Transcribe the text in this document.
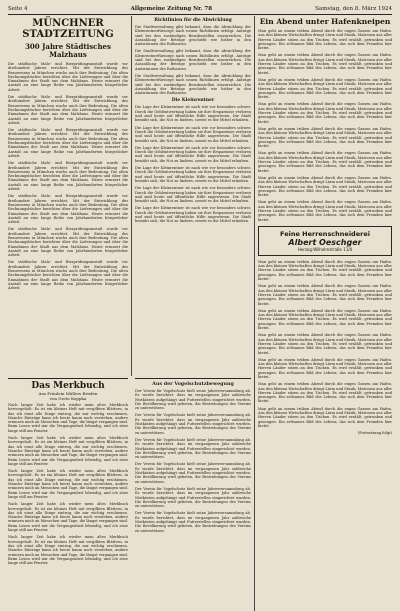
Seite 4	Allgemeine Zeitung Nr. 78	Samstag, den 8. März 1924
MÜNCHNER STADTZEITUNG
300 Jahre Städtisches Malzhaus

Die städtische Malz- und Bierprüfungsanstalt wurde vor dreihundert Jahren errichtet. Mit der Entwicklung des Brauwesens in München wuchs auch ihre Bedeutung. Die alten Rechnungsbücher berichten über die Lieferungen und über die Einnahmen der Stadt aus dem Malzhaus. Heute erinnert die Anstalt an eine lange Reihe von Jahrhunderten bürgerlicher Arbeit.

Die städtische Malz- und Bierprüfungsanstalt wurde vor dreihundert Jahren errichtet. Mit der Entwicklung des Brauwesens in München wuchs auch ihre Bedeutung. Die alten Rechnungsbücher berichten über die Lieferungen und über die Einnahmen der Stadt aus dem Malzhaus. Heute erinnert die Anstalt an eine lange Reihe von Jahrhunderten bürgerlicher Arbeit.

Die städtische Malz- und Bierprüfungsanstalt wurde vor dreihundert Jahren errichtet. Mit der Entwicklung des Brauwesens in München wuchs auch ihre Bedeutung. Die alten Rechnungsbücher berichten über die Lieferungen und über die Einnahmen der Stadt aus dem Malzhaus. Heute erinnert die Anstalt an eine lange Reihe von Jahrhunderten bürgerlicher Arbeit.

Die städtische Malz- und Bierprüfungsanstalt wurde vor dreihundert Jahren errichtet. Mit der Entwicklung des Brauwesens in München wuchs auch ihre Bedeutung. Die alten Rechnungsbücher berichten über die Lieferungen und über die Einnahmen der Stadt aus dem Malzhaus. Heute erinnert die Anstalt an eine lange Reihe von Jahrhunderten bürgerlicher Arbeit.

Die städtische Malz- und Bierprüfungsanstalt wurde vor dreihundert Jahren errichtet. Mit der Entwicklung des Brauwesens in München wuchs auch ihre Bedeutung. Die alten Rechnungsbücher berichten über die Lieferungen und über die Einnahmen der Stadt aus dem Malzhaus. Heute erinnert die Anstalt an eine lange Reihe von Jahrhunderten bürgerlicher Arbeit.

Die städtische Malz- und Bierprüfungsanstalt wurde vor dreihundert Jahren errichtet. Mit der Entwicklung des Brauwesens in München wuchs auch ihre Bedeutung. Die alten Rechnungsbücher berichten über die Lieferungen und über die Einnahmen der Stadt aus dem Malzhaus. Heute erinnert die Anstalt an eine lange Reihe von Jahrhunderten bürgerlicher Arbeit.

Die städtische Malz- und Bierprüfungsanstalt wurde vor dreihundert Jahren errichtet. Mit der Entwicklung des Brauwesens in München wuchs auch ihre Bedeutung. Die alten Rechnungsbücher berichten über die Lieferungen und über die Einnahmen der Stadt aus dem Malzhaus. Heute erinnert die Anstalt an eine lange Reihe von Jahrhunderten bürgerlicher Arbeit.

Richtlinien für die Abwicklung

Die Stadtverwaltung gibt bekannt, dass die Abwicklung der Kleinrentnerfürsorge nach neuen Richtlinien erfolgt. Anträge sind bei den zuständigen Bezirksstellen einzureichen. Die Auszahlung der Beträge geschieht wie bisher in den Amtsräumen des Rathauses.

Die Stadtverwaltung gibt bekannt, dass die Abwicklung der Kleinrentnerfürsorge nach neuen Richtlinien erfolgt. Anträge sind bei den zuständigen Bezirksstellen einzureichen. Die Auszahlung der Beträge geschieht wie bisher in den Amtsräumen des Rathauses.

Die Stadtverwaltung gibt bekannt, dass die Abwicklung der Kleinrentnerfürsorge nach neuen Richtlinien erfolgt. Anträge sind bei den zuständigen Bezirksstellen einzureichen. Die Auszahlung der Beträge geschieht wie bisher in den Amtsräumen des Rathauses.

Die Kleinrentner

Die Lage der Kleinrentner ist nach wie vor besonders schwer. Durch die Geldentwertung haben sie ihre Ersparnisse verloren und sind heute auf öffentliche Hilfe angewiesen. Die Stadt bemüht sich, die Not zu lindern, soweit es die Mittel erlauben.

Die Lage der Kleinrentner ist nach wie vor besonders schwer. Durch die Geldentwertung haben sie ihre Ersparnisse verloren und sind heute auf öffentliche Hilfe angewiesen. Die Stadt bemüht sich, die Not zu lindern, soweit es die Mittel erlauben.

Die Lage der Kleinrentner ist nach wie vor besonders schwer. Durch die Geldentwertung haben sie ihre Ersparnisse verloren und sind heute auf öffentliche Hilfe angewiesen. Die Stadt bemüht sich, die Not zu lindern, soweit es die Mittel erlauben.

Die Lage der Kleinrentner ist nach wie vor besonders schwer. Durch die Geldentwertung haben sie ihre Ersparnisse verloren und sind heute auf öffentliche Hilfe angewiesen. Die Stadt bemüht sich, die Not zu lindern, soweit es die Mittel erlauben.

Die Lage der Kleinrentner ist nach wie vor besonders schwer. Durch die Geldentwertung haben sie ihre Ersparnisse verloren und sind heute auf öffentliche Hilfe angewiesen. Die Stadt bemüht sich, die Not zu lindern, soweit es die Mittel erlauben.

Die Lage der Kleinrentner ist nach wie vor besonders schwer. Durch die Geldentwertung haben sie ihre Ersparnisse verloren und sind heute auf öffentliche Hilfe angewiesen. Die Stadt bemüht sich, die Not zu lindern, soweit es die Mittel erlauben.

Ein Abend unter Hafenkneipen

Man geht an einem trüben Abend durch die engen Gassen am Hafen. Aus den kleinen Wirtschaften dringt Lärm und Musik, Matrosen aus aller Herren Länder sitzen an den Tischen. Es wird erzählt, getrunken und gesungen. Ein seltsames Bild des Lebens, das sich dem Fremden hier bietet.

Man geht an einem trüben Abend durch die engen Gassen am Hafen. Aus den kleinen Wirtschaften dringt Lärm und Musik, Matrosen aus aller Herren Länder sitzen an den Tischen. Es wird erzählt, getrunken und gesungen. Ein seltsames Bild des Lebens, das sich dem Fremden hier bietet.

Man geht an einem trüben Abend durch die engen Gassen am Hafen. Aus den kleinen Wirtschaften dringt Lärm und Musik, Matrosen aus aller Herren Länder sitzen an den Tischen. Es wird erzählt, getrunken und gesungen. Ein seltsames Bild des Lebens, das sich dem Fremden hier bietet.

Man geht an einem trüben Abend durch die engen Gassen am Hafen. Aus den kleinen Wirtschaften dringt Lärm und Musik, Matrosen aus aller Herren Länder sitzen an den Tischen. Es wird erzählt, getrunken und gesungen. Ein seltsames Bild des Lebens, das sich dem Fremden hier bietet.

Man geht an einem trüben Abend durch die engen Gassen am Hafen. Aus den kleinen Wirtschaften dringt Lärm und Musik, Matrosen aus aller Herren Länder sitzen an den Tischen. Es wird erzählt, getrunken und gesungen. Ein seltsames Bild des Lebens, das sich dem Fremden hier bietet.

Man geht an einem trüben Abend durch die engen Gassen am Hafen. Aus den kleinen Wirtschaften dringt Lärm und Musik, Matrosen aus aller Herren Länder sitzen an den Tischen. Es wird erzählt, getrunken und gesungen. Ein seltsames Bild des Lebens, das sich dem Fremden hier bietet.

Man geht an einem trüben Abend durch die engen Gassen am Hafen. Aus den kleinen Wirtschaften dringt Lärm und Musik, Matrosen aus aller Herren Länder sitzen an den Tischen. Es wird erzählt, getrunken und gesungen. Ein seltsames Bild des Lebens, das sich dem Fremden hier bietet.

Man geht an einem trüben Abend durch die engen Gassen am Hafen. Aus den kleinen Wirtschaften dringt Lärm und Musik, Matrosen aus aller Herren Länder sitzen an den Tischen. Es wird erzählt, getrunken und gesungen. Ein seltsames Bild des Lebens, das sich dem Fremden hier bietet.

Feine Herrenschneiderei
Albert Oeschger
Herzog-Wilhelmstraße 11/0

Man geht an einem trüben Abend durch die engen Gassen am Hafen. Aus den kleinen Wirtschaften dringt Lärm und Musik, Matrosen aus aller Herren Länder sitzen an den Tischen. Es wird erzählt, getrunken und gesungen. Ein seltsames Bild des Lebens, das sich dem Fremden hier bietet.

Man geht an einem trüben Abend durch die engen Gassen am Hafen. Aus den kleinen Wirtschaften dringt Lärm und Musik, Matrosen aus aller Herren Länder sitzen an den Tischen. Es wird erzählt, getrunken und gesungen. Ein seltsames Bild des Lebens, das sich dem Fremden hier bietet.

Man geht an einem trüben Abend durch die engen Gassen am Hafen. Aus den kleinen Wirtschaften dringt Lärm und Musik, Matrosen aus aller Herren Länder sitzen an den Tischen. Es wird erzählt, getrunken und gesungen. Ein seltsames Bild des Lebens, das sich dem Fremden hier bietet.

Man geht an einem trüben Abend durch die engen Gassen am Hafen. Aus den kleinen Wirtschaften dringt Lärm und Musik, Matrosen aus aller Herren Länder sitzen an den Tischen. Es wird erzählt, getrunken und gesungen. Ein seltsames Bild des Lebens, das sich dem Fremden hier bietet.

Man geht an einem trüben Abend durch die engen Gassen am Hafen. Aus den kleinen Wirtschaften dringt Lärm und Musik, Matrosen aus aller Herren Länder sitzen an den Tischen. Es wird erzählt, getrunken und gesungen. Ein seltsames Bild des Lebens, das sich dem Fremden hier bietet.

Man geht an einem trüben Abend durch die engen Gassen am Hafen. Aus den kleinen Wirtschaften dringt Lärm und Musik, Matrosen aus aller Herren Länder sitzen an den Tischen. Es wird erzählt, getrunken und gesungen. Ein seltsames Bild des Lebens, das sich dem Fremden hier bietet.

Man geht an einem trüben Abend durch die engen Gassen am Hafen. Aus den kleinen Wirtschaften dringt Lärm und Musik, Matrosen aus aller Herren Länder sitzen an den Tischen. Es wird erzählt, getrunken und gesungen. Ein seltsames Bild des Lebens, das sich dem Fremden hier bietet.

(Fortsetzung folgt)

Aus der Vogelschutzbewegung

Der Verein für Vogelschutz hielt seine Jahresversammlung ab. Es wurde berichtet, dass im vergangenen Jahr zahlreiche Nistkästen aufgehängt und Futterstellen eingerichtet wurden. Die Bevölkerung wird gebeten, die Bestrebungen des Vereins zu unterstützen.

Der Verein für Vogelschutz hielt seine Jahresversammlung ab. Es wurde berichtet, dass im vergangenen Jahr zahlreiche Nistkästen aufgehängt und Futterstellen eingerichtet wurden. Die Bevölkerung wird gebeten, die Bestrebungen des Vereins zu unterstützen.

Der Verein für Vogelschutz hielt seine Jahresversammlung ab. Es wurde berichtet, dass im vergangenen Jahr zahlreiche Nistkästen aufgehängt und Futterstellen eingerichtet wurden. Die Bevölkerung wird gebeten, die Bestrebungen des Vereins zu unterstützen.

Der Verein für Vogelschutz hielt seine Jahresversammlung ab. Es wurde berichtet, dass im vergangenen Jahr zahlreiche Nistkästen aufgehängt und Futterstellen eingerichtet wurden. Die Bevölkerung wird gebeten, die Bestrebungen des Vereins zu unterstützen.

Der Verein für Vogelschutz hielt seine Jahresversammlung ab. Es wurde berichtet, dass im vergangenen Jahr zahlreiche Nistkästen aufgehängt und Futterstellen eingerichtet wurden. Die Bevölkerung wird gebeten, die Bestrebungen des Vereins zu unterstützen.

Der Verein für Vogelschutz hielt seine Jahresversammlung ab. Es wurde berichtet, dass im vergangenen Jahr zahlreiche Nistkästen aufgehängt und Futterstellen eingerichtet wurden. Die Bevölkerung wird gebeten, die Bestrebungen des Vereins zu unterstützen.

Das Merkbuch
Aus Fräulein Müllers Briefen
von Grete Koppka

Nach langer Zeit habe ich wieder mein altes Merkbuch hervorgeholt. Es ist ein kleines Heft mit vergilbten Blättern, in das ich einst alle Dinge eintrug, die mir wichtig erschienen. Manche Einträge kann ich heute kaum noch verstehen, andere erinnern mich an Menschen und Tage, die längst vergangen sind. Beim Lesen wird mir die Vergangenheit lebendig, und ich sitze lange still am Fenster.

Nach langer Zeit habe ich wieder mein altes Merkbuch hervorgeholt. Es ist ein kleines Heft mit vergilbten Blättern, in das ich einst alle Dinge eintrug, die mir wichtig erschienen. Manche Einträge kann ich heute kaum noch verstehen, andere erinnern mich an Menschen und Tage, die längst vergangen sind. Beim Lesen wird mir die Vergangenheit lebendig, und ich sitze lange still am Fenster.

Nach langer Zeit habe ich wieder mein altes Merkbuch hervorgeholt. Es ist ein kleines Heft mit vergilbten Blättern, in das ich einst alle Dinge eintrug, die mir wichtig erschienen. Manche Einträge kann ich heute kaum noch verstehen, andere erinnern mich an Menschen und Tage, die längst vergangen sind. Beim Lesen wird mir die Vergangenheit lebendig, und ich sitze lange still am Fenster.

Nach langer Zeit habe ich wieder mein altes Merkbuch hervorgeholt. Es ist ein kleines Heft mit vergilbten Blättern, in das ich einst alle Dinge eintrug, die mir wichtig erschienen. Manche Einträge kann ich heute kaum noch verstehen, andere erinnern mich an Menschen und Tage, die längst vergangen sind. Beim Lesen wird mir die Vergangenheit lebendig, und ich sitze lange still am Fenster.

Nach langer Zeit habe ich wieder mein altes Merkbuch hervorgeholt. Es ist ein kleines Heft mit vergilbten Blättern, in das ich einst alle Dinge eintrug, die mir wichtig erschienen. Manche Einträge kann ich heute kaum noch verstehen, andere erinnern mich an Menschen und Tage, die längst vergangen sind. Beim Lesen wird mir die Vergangenheit lebendig, und ich sitze lange still am Fenster.
